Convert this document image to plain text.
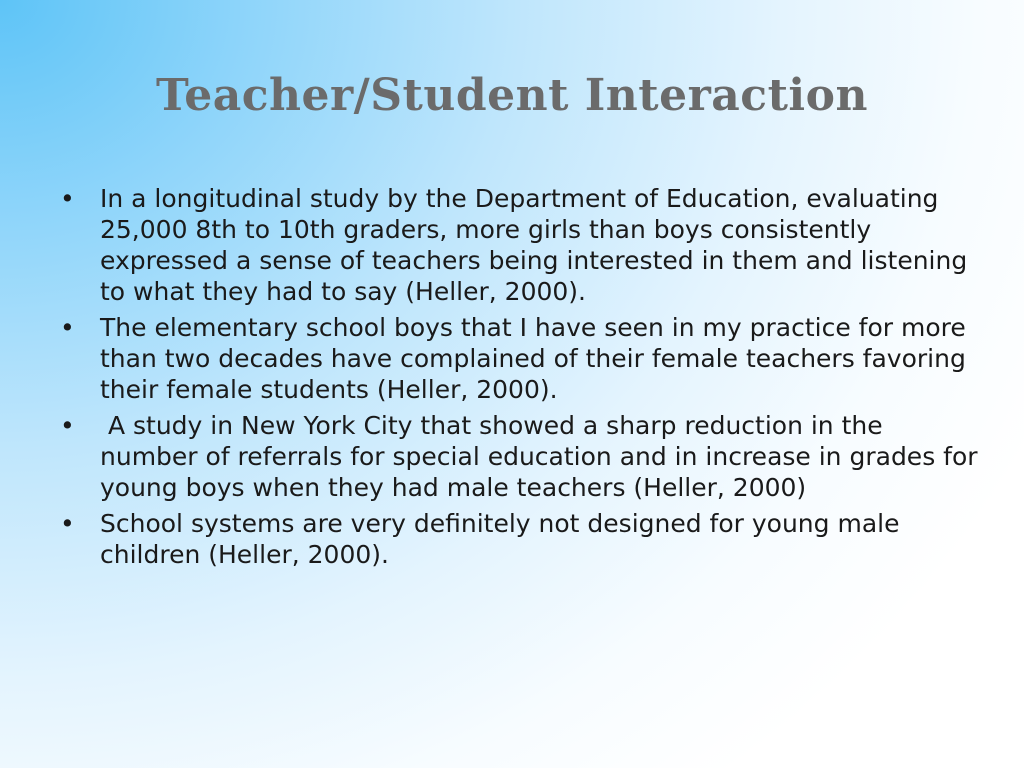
Teacher/Student Interaction
•	In a longitudinal study by the Department of Education, evaluating 25,000 8th to 10th graders, more girls than boys consistently expressed a sense of teachers being interested in them and listening to what they had to say (Heller, 2000).
•	The elementary school boys that I have seen in my practice for more than two decades have complained of their female teachers favoring their female students (Heller, 2000).
•	A study in New York City that showed a sharp reduction in the number of referrals for special education and in increase in grades for young boys when they had male teachers (Heller, 2000)
•	School systems are very definitely not designed for young male children (Heller, 2000).
